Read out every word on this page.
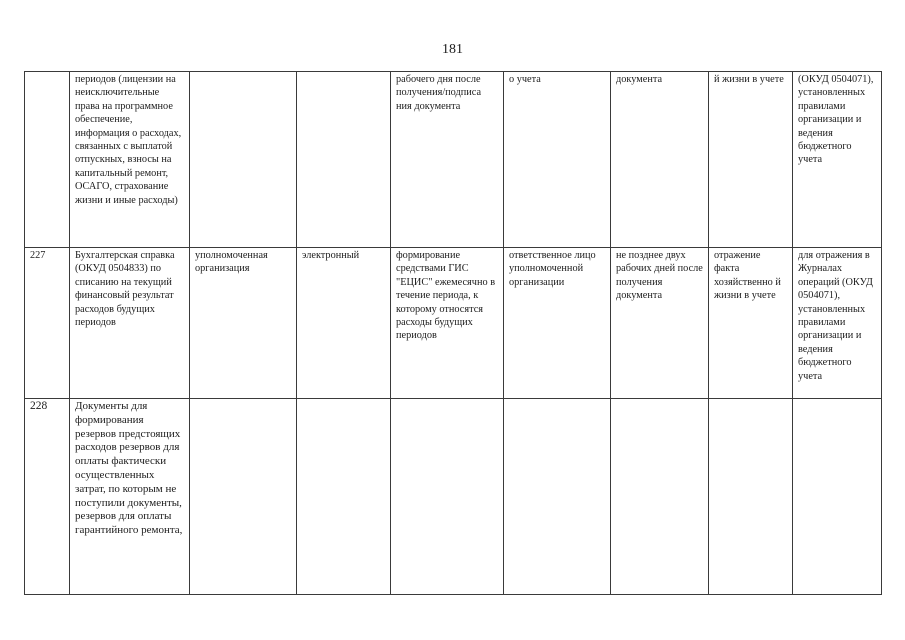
181
	периодов (лицензии на неисключительные права на программное обеспечение, информация о расходах, связанных с выплатой отпускных, взносы на капитальный ремонт, ОСАГО, страхование жизни и иные расходы)			рабочего дня после получения/подписа ния документа	о учета	документа	й жизни в учете	(ОКУД 0504071), установленных правилами организации и ведения бюджетного учета
227	Бухгалтерская справка (ОКУД 0504833) по списанию на текущий финансовый результат расходов будущих периодов	уполномоченная организация	электронный	формирование средствами ГИС "ЕЦИС" ежемесячно в течение периода, к которому относятся расходы будущих периодов	ответственное лицо уполномоченной организации	не позднее двух рабочих дней после получения документа	отражение факта хозяйственно й жизни в учете	для отражения в Журналах операций (ОКУД 0504071), установленных правилами организации и ведения бюджетного учета
228	Документы для формирования резервов предстоящих расходов резервов для оплаты фактически осуществленных затрат, по которым не поступили документы, резервов для оплаты гарантийного ремонта,							
